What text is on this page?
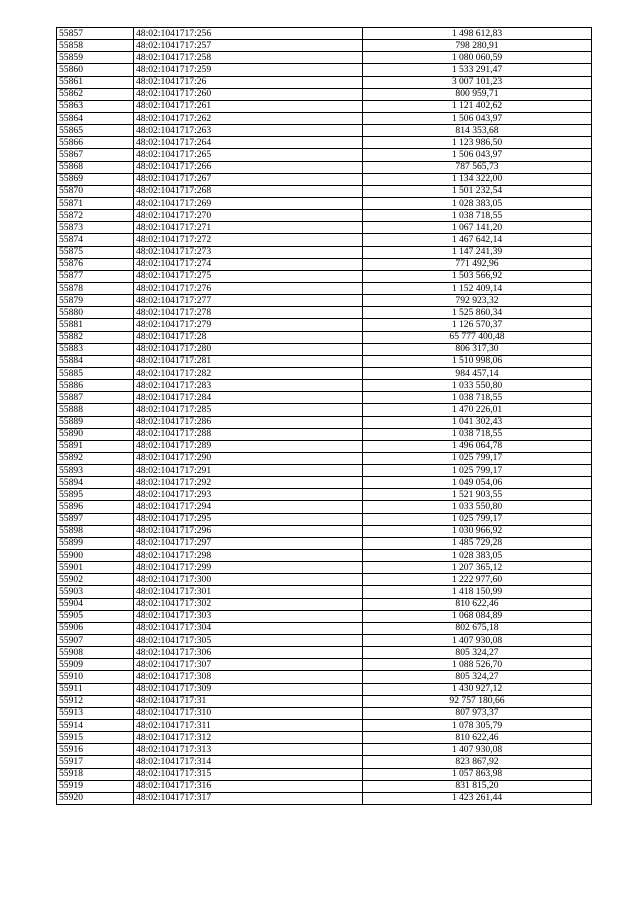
55857	48:02:1041717:256	1 498 612,83
55858	48:02:1041717:257	798 280,91
55859	48:02:1041717:258	1 080 060,59
55860	48:02:1041717:259	1 533 291,47
55861	48:02:1041717:26	3 007 101,23
55862	48:02:1041717:260	800 959,71
55863	48:02:1041717:261	1 121 402,62
55864	48:02:1041717:262	1 506 043,97
55865	48:02:1041717:263	814 353,68
55866	48:02:1041717:264	1 123 986,50
55867	48:02:1041717:265	1 506 043,97
55868	48:02:1041717:266	787 565,73
55869	48:02:1041717:267	1 134 322,00
55870	48:02:1041717:268	1 501 232,54
55871	48:02:1041717:269	1 028 383,05
55872	48:02:1041717:270	1 038 718,55
55873	48:02:1041717:271	1 067 141,20
55874	48:02:1041717:272	1 467 642,14
55875	48:02:1041717:273	1 147 241,39
55876	48:02:1041717:274	771 492,96
55877	48:02:1041717:275	1 503 566,92
55878	48:02:1041717:276	1 152 409,14
55879	48:02:1041717:277	792 923,32
55880	48:02:1041717:278	1 525 860,34
55881	48:02:1041717:279	1 126 570,37
55882	48:02:1041717:28	65 777 400,48
55883	48:02:1041717:280	806 317,30
55884	48:02:1041717:281	1 510 998,06
55885	48:02:1041717:282	984 457,14
55886	48:02:1041717:283	1 033 550,80
55887	48:02:1041717:284	1 038 718,55
55888	48:02:1041717:285	1 470 226,01
55889	48:02:1041717:286	1 041 302,43
55890	48:02:1041717:288	1 038 718,55
55891	48:02:1041717:289	1 496 064,78
55892	48:02:1041717:290	1 025 799,17
55893	48:02:1041717:291	1 025 799,17
55894	48:02:1041717:292	1 049 054,06
55895	48:02:1041717:293	1 521 903,55
55896	48:02:1041717:294	1 033 550,80
55897	48:02:1041717:295	1 025 799,17
55898	48:02:1041717:296	1 030 966,92
55899	48:02:1041717:297	1 485 729,28
55900	48:02:1041717:298	1 028 383,05
55901	48:02:1041717:299	1 207 365,12
55902	48:02:1041717:300	1 222 977,60
55903	48:02:1041717:301	1 418 150,99
55904	48:02:1041717:302	810 622,46
55905	48:02:1041717:303	1 068 084,89
55906	48:02:1041717:304	802 675,18
55907	48:02:1041717:305	1 407 930,08
55908	48:02:1041717:306	805 324,27
55909	48:02:1041717:307	1 088 526,70
55910	48:02:1041717:308	805 324,27
55911	48:02:1041717:309	1 430 927,12
55912	48:02:1041717:31	92 757 180,66
55913	48:02:1041717:310	807 973,37
55914	48:02:1041717:311	1 078 305,79
55915	48:02:1041717:312	810 622,46
55916	48:02:1041717:313	1 407 930,08
55917	48:02:1041717:314	823 867,92
55918	48:02:1041717:315	1 057 863,98
55919	48:02:1041717:316	831 815,20
55920	48:02:1041717:317	1 423 261,44
